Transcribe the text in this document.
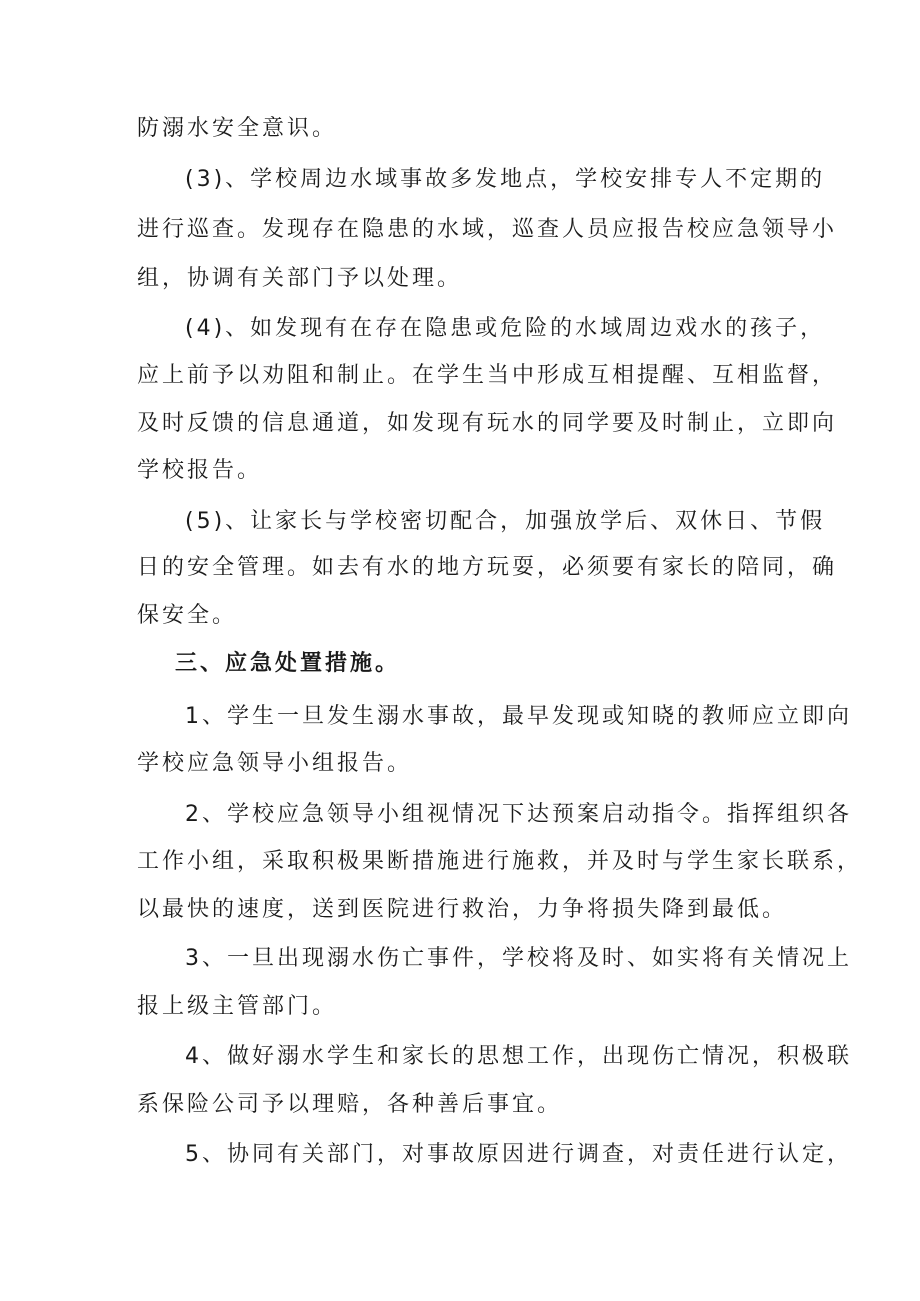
防溺水安全意识。
(3)、学校周边水域事故多发地点，学校安排专人不定期的
进行巡查。发现存在隐患的水域，巡查人员应报告校应急领导小
组，协调有关部门予以处理。
(4)、如发现有在存在隐患或危险的水域周边戏水的孩子，
应上前予以劝阻和制止。在学生当中形成互相提醒、互相监督，
及时反馈的信息通道，如发现有玩水的同学要及时制止，立即向
学校报告。
(5)、让家长与学校密切配合，加强放学后、双休日、节假
日的安全管理。如去有水的地方玩耍，必须要有家长的陪同，确
保安全。
三、应急处置措施。
1、学生一旦发生溺水事故，最早发现或知晓的教师应立即向
学校应急领导小组报告。
2、学校应急领导小组视情况下达预案启动指令。指挥组织各
工作小组，采取积极果断措施进行施救，并及时与学生家长联系，
以最快的速度，送到医院进行救治，力争将损失降到最低。
3、一旦出现溺水伤亡事件，学校将及时、如实将有关情况上
报上级主管部门。
4、做好溺水学生和家长的思想工作，出现伤亡情况，积极联
系保险公司予以理赔，各种善后事宜。
5、协同有关部门，对事故原因进行调查，对责任进行认定，
